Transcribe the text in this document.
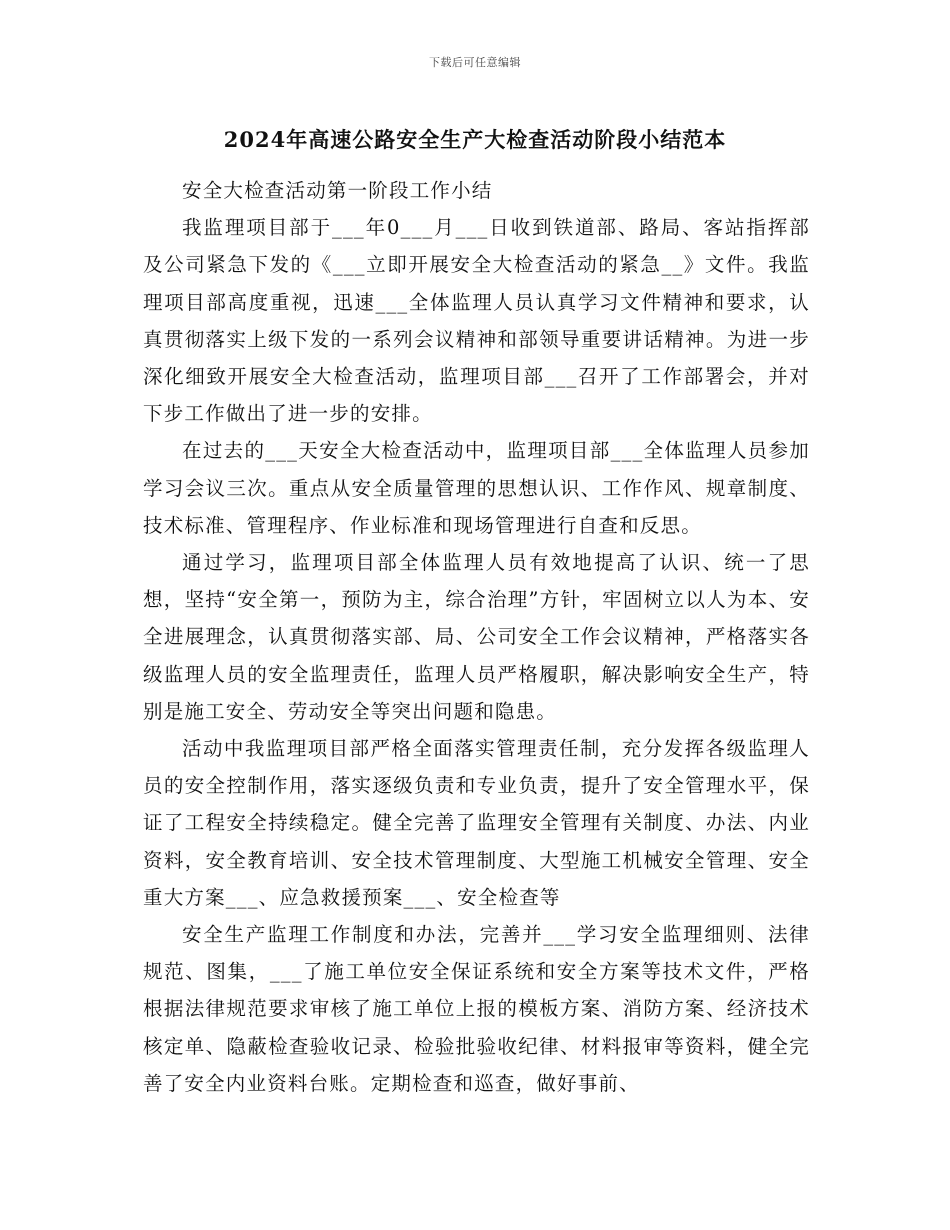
下载后可任意编辑
2024年高速公路安全生产大检查活动阶段小结范本

安全大检查活动第一阶段工作小结

我监理项目部于___年0___月___日收到铁道部、路局、客站指挥部及公司紧急下发的《___立即开展安全大检查活动的紧急__》文件。我监理项目部高度重视，迅速___全体监理人员认真学习文件精神和要求，认真贯彻落实上级下发的一系列会议精神和部领导重要讲话精神。为进一步深化细致开展安全大检查活动，监理项目部___召开了工作部署会，并对下步工作做出了进一步的安排。

在过去的___天安全大检查活动中，监理项目部___全体监理人员参加学习会议三次。重点从安全质量管理的思想认识、工作作风、规章制度、技术标准、管理程序、作业标准和现场管理进行自查和反思。

通过学习，监理项目部全体监理人员有效地提高了认识、统一了思想，坚持“安全第一，预防为主，综合治理”方针，牢固树立以人为本、安全进展理念，认真贯彻落实部、局、公司安全工作会议精神，严格落实各级监理人员的安全监理责任，监理人员严格履职，解决影响安全生产，特别是施工安全、劳动安全等突出问题和隐患。

活动中我监理项目部严格全面落实管理责任制，充分发挥各级监理人员的安全控制作用，落实逐级负责和专业负责，提升了安全管理水平，保证了工程安全持续稳定。健全完善了监理安全管理有关制度、办法、内业资料，安全教育培训、安全技术管理制度、大型施工机械安全管理、安全重大方案___、应急救援预案___、安全检查等

安全生产监理工作制度和办法，完善并___学习安全监理细则、法律规范、图集，___了施工单位安全保证系统和安全方案等技术文件，严格根据法律规范要求审核了施工单位上报的模板方案、消防方案、经济技术核定单、隐蔽检查验收记录、检验批验收纪律、材料报审等资料，健全完善了安全内业资料台账。定期检查和巡查，做好事前、
